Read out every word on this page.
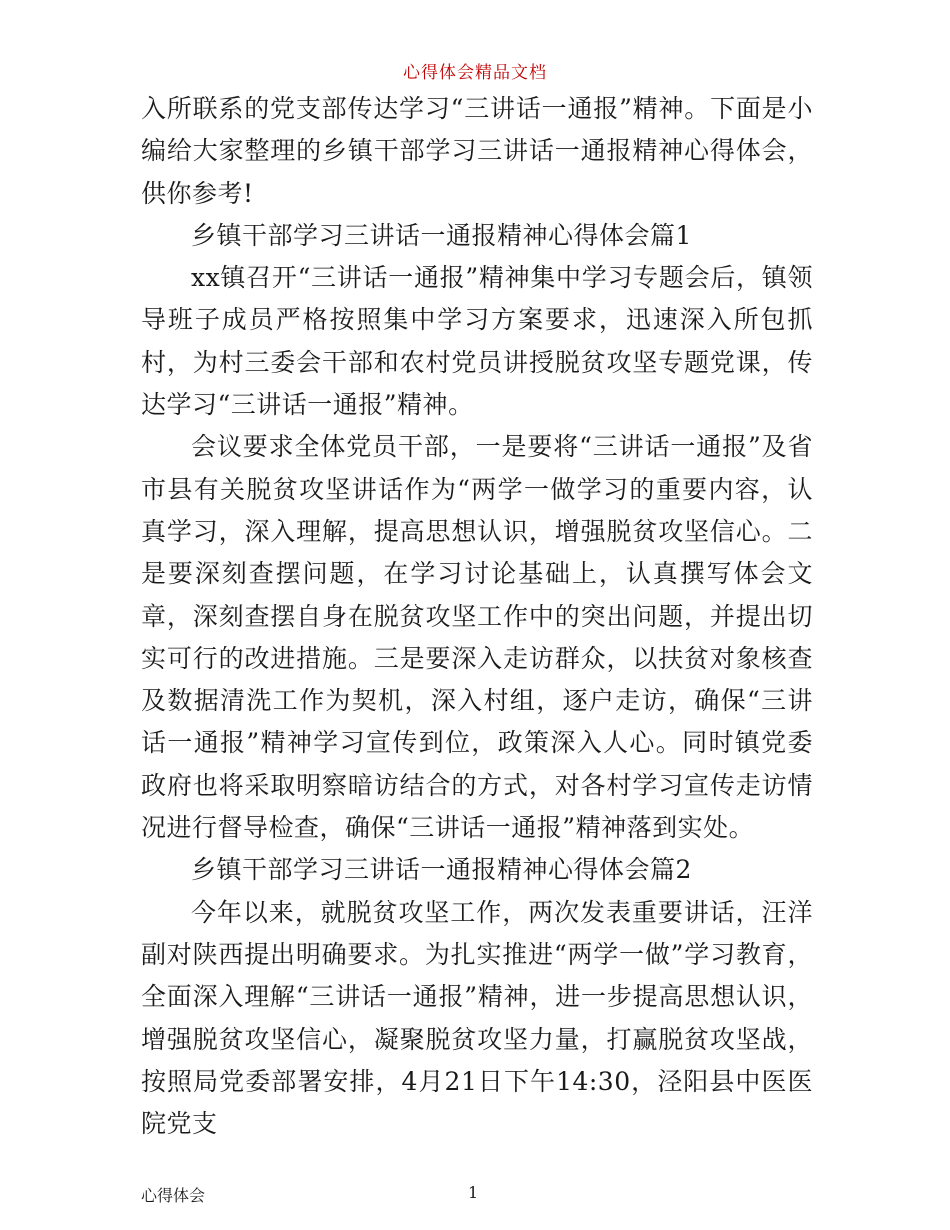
心得体会精品文档

入所联系的党支部传达学习“三讲话一通报”精神。下面是小编给大家整理的乡镇干部学习三讲话一通报精神心得体会，供你参考!

乡镇干部学习三讲话一通报精神心得体会篇1

xx镇召开“三讲话一通报”精神集中学习专题会后，镇领导班子成员严格按照集中学习方案要求，迅速深入所包抓村，为村三委会干部和农村党员讲授脱贫攻坚专题党课，传达学习“三讲话一通报”精神。

会议要求全体党员干部，一是要将“三讲话一通报”及省市县有关脱贫攻坚讲话作为“两学一做学习的重要内容，认真学习，深入理解，提高思想认识，增强脱贫攻坚信心。二是要深刻查摆问题，在学习讨论基础上，认真撰写体会文章，深刻查摆自身在脱贫攻坚工作中的突出问题，并提出切实可行的改进措施。三是要深入走访群众，以扶贫对象核查及数据清洗工作为契机，深入村组，逐户走访，确保“三讲话一通报”精神学习宣传到位，政策深入人心。同时镇党委政府也将采取明察暗访结合的方式，对各村学习宣传走访情况进行督导检查，确保“三讲话一通报”精神落到实处。

乡镇干部学习三讲话一通报精神心得体会篇2

今年以来，就脱贫攻坚工作，两次发表重要讲话，汪洋副对陕西提出明确要求。为扎实推进“两学一做”学习教育，全面深入理解“三讲话一通报”精神，进一步提高思想认识，增强脱贫攻坚信心，凝聚脱贫攻坚力量，打赢脱贫攻坚战，按照局党委部署安排，4月21日下午14:30，泾阳县中医医院党支

心得体会	1
